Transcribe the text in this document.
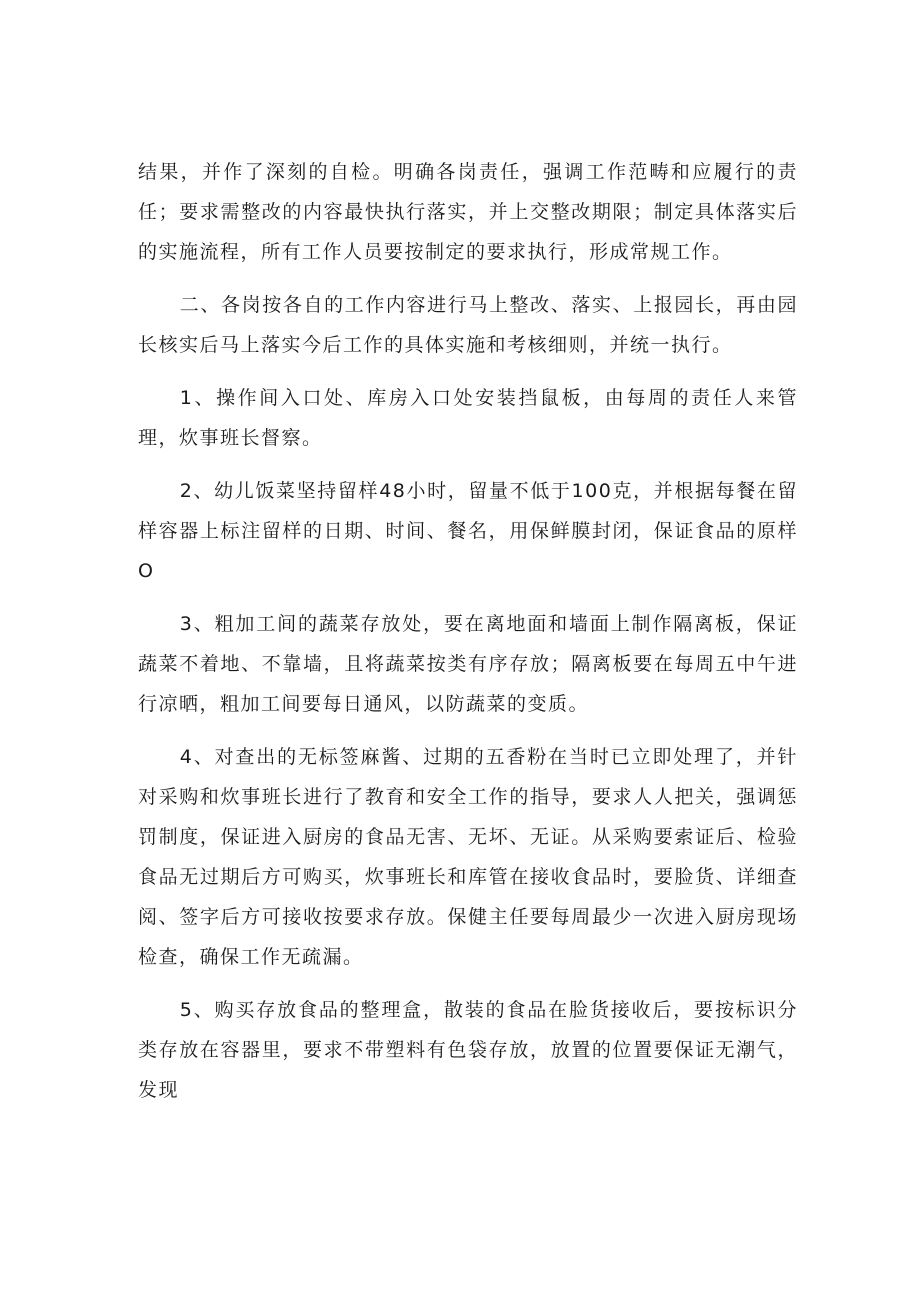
结果，并作了深刻的自检。明确各岗责任，强调工作范畴和应履行的责任；要求需整改的内容最快执行落实，并上交整改期限；制定具体落实后的实施流程，所有工作人员要按制定的要求执行，形成常规工作。

二、各岗按各自的工作内容进行马上整改、落实、上报园长，再由园长核实后马上落实今后工作的具体实施和考核细则，并统一执行。

1、操作间入口处、库房入口处安装挡鼠板，由每周的责任人来管理，炊事班长督察。

2、幼儿饭菜坚持留样48小时，留量不低于100克，并根据每餐在留样容器上标注留样的日期、时间、餐名，用保鲜膜封闭，保证食品的原样O

3、粗加工间的蔬菜存放处，要在离地面和墙面上制作隔离板，保证蔬菜不着地、不靠墙，且将蔬菜按类有序存放；隔离板要在每周五中午进行凉晒，粗加工间要每日通风，以防蔬菜的变质。

4、对查出的无标签麻酱、过期的五香粉在当时已立即处理了，并针对采购和炊事班长进行了教育和安全工作的指导，要求人人把关，强调惩罚制度，保证进入厨房的食品无害、无坏、无证。从采购要索证后、检验食品无过期后方可购买，炊事班长和库管在接收食品时，要脸货、详细查阅、签字后方可接收按要求存放。保健主任要每周最少一次进入厨房现场检查，确保工作无疏漏。

5、购买存放食品的整理盒，散装的食品在脸货接收后，要按标识分类存放在容器里，要求不带塑料有色袋存放，放置的位置要保证无潮气，发现
